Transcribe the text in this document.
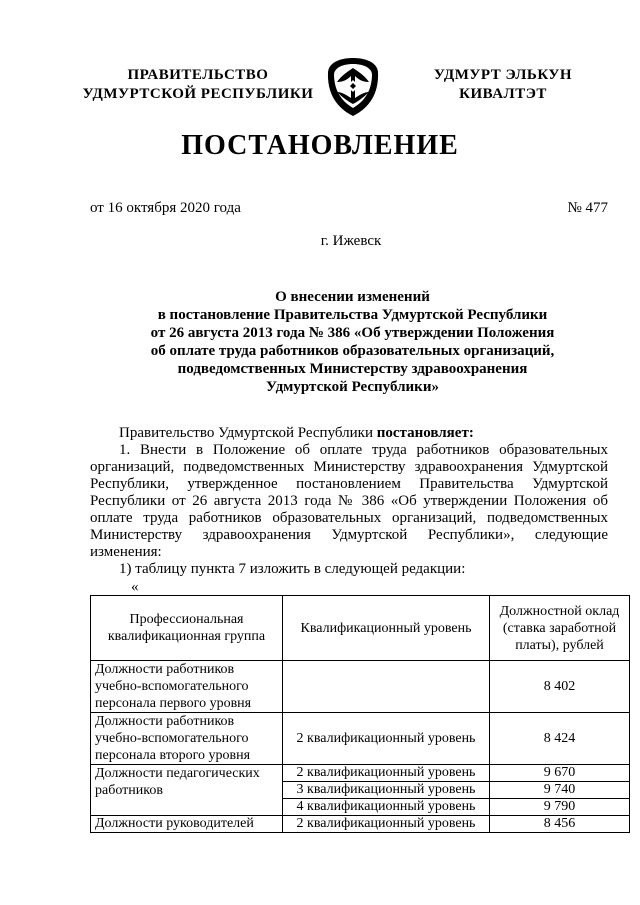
ПРАВИТЕЛЬСТВО
УДМУРТСКОЙ РЕСПУБЛИКИ
УДМУРТ ЭЛЬКУН
КИВАЛТЭТ
ПОСТАНОВЛЕНИЕ
от 16 октября 2020 года	№ 477
г. Ижевск
О внесении изменений
в постановление Правительства Удмуртской Республики
от 26 августа 2013 года № 386 «Об утверждении Положения
об оплате труда работников образовательных организаций,
подведомственных Министерству здравоохранения
Удмуртской Республики»

Правительство Удмуртской Республики постановляет:

1. Внести в Положение об оплате труда работников образовательных

организаций, подведомственных Министерству здравоохранения Удмуртской

Республики, утвержденное постановлением Правительства Удмуртской

Республики от 26 августа 2013 года № 386 «Об утверждении Положения об

оплате труда работников образовательных организаций, подведомственных

Министерству здравоохранения Удмуртской Республики», следующие

изменения:

1) таблицу пункта 7 изложить в следующей редакции:

«
Профессиональная квалификационная группа	Квалификационный уровень	Должностной оклад (ставка заработной платы), рублей
Должности работников учебно-вспомогательного персонала первого уровня		8 402
Должности работников учебно-вспомогательного персонала второго уровня	2 квалификационный уровень	8 424
Должности педагогических работников	2 квалификационный уровень	9 670
	3 квалификационный уровень	9 740
	4 квалификационный уровень	9 790
Должности руководителей	2 квалификационный уровень	8 456
